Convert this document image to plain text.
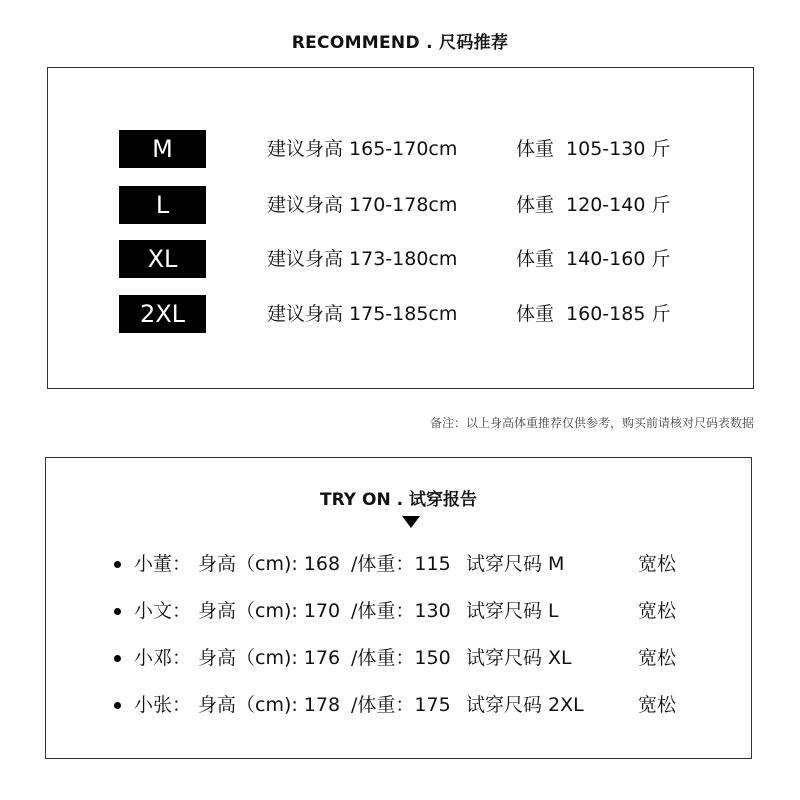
RECOMMEND . 尺码推荐
M	建议身高 165-170cm	体重 105-130 斤
L	建议身高 170-178cm	体重 120-140 斤
XL	建议身高 173-180cm	体重 140-160 斤
2XL	建议身高 175-185cm	体重 160-185 斤
备注：以上身高体重推荐仅供参考，购买前请核对尺码表数据
TRY ON . 试穿报告
小董： 身高（cm): 168 /体重：115 试穿尺码 M	宽松
小文： 身高（cm): 170 /体重：130 试穿尺码 L	宽松
小邓： 身高（cm): 176 /体重：150 试穿尺码 XL	宽松
小张： 身高（cm): 178 /体重：175 试穿尺码 2XL	宽松
